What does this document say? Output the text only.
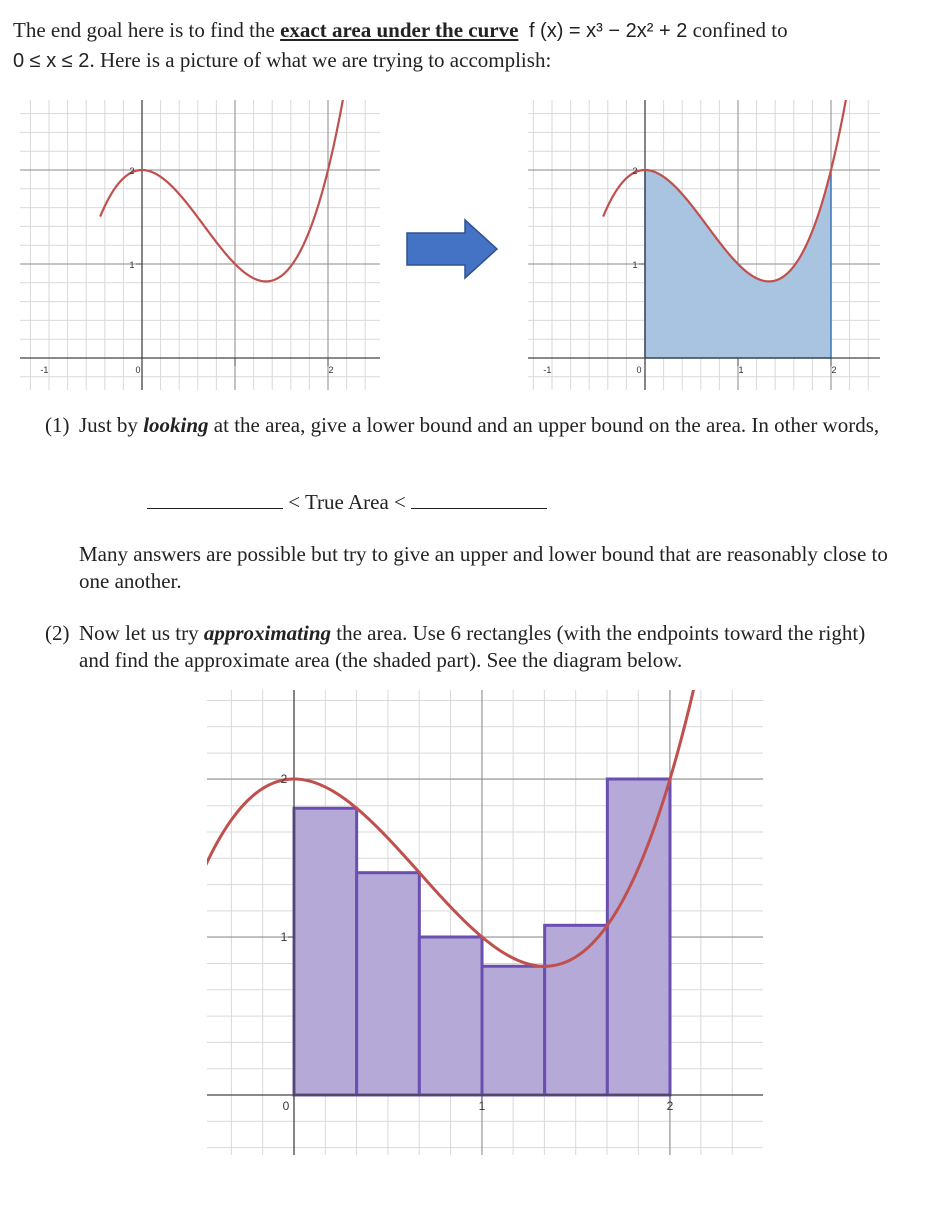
The end goal here is to find the exact area under the curve f (x) = x³ − 2x² + 2 confined to
0 ≤ x ≤ 2. Here is a picture of what we are trying to accomplish:
2
1
0	2
-1
2
1
0	1	2
-1
(1) Just by looking at the area, give a lower bound and an upper bound on the area. In other words,
< True Area <
Many answers are possible but try to give an upper and lower bound that are reasonably close to one another.
(2) Now let us try approximating the area. Use 6 rectangles (with the endpoints toward the right) and find the approximate area (the shaded part). See the diagram below.
2
1
0	1	2
